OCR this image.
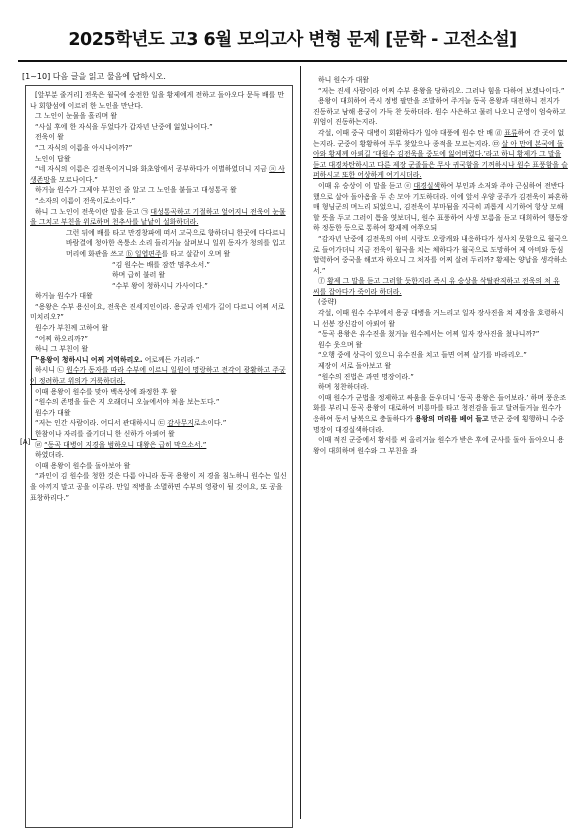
2025학년도 고3 6월 모의고사 변형 문제 [문학 - 고전소설]
[1~10] 다음 글을 읽고 물음에 답하시오.
[A]

[앞부분 줄거리] 전욱은 월국에 숭전한 일을 황제에게 전하고 돌아오다 문득 배를 만나 회향섬에 이르러 한 노인을 만난다.

그 노인이 눈물을 흘리며 왈

“사실 후에 한 자식을 두었다가 갑자년 난중에 잃었나이다.”

전욱이 왈

“그 자식의 이름을 아시나이까?”

노인이 답왈

“네 자식의 이름은 김전욱이거니와 화초암에서 공부하다가 이별하였더니 지금 ⓐ 사생존망을 모르나이다.”

하거늘 원수가 그제야 부친인 줄 알고 그 노인을 붙들고 대성통곡 왈

“소자의 이름이 전욱이로소이다.”

하니 그 노인이 전욱이란 말을 듣고 ㉠ 대성통곡하고 기절하고 엎어지니 전욱이 눈물을 그치고 부친을 위로하며 천추사를 낱낱이 설화하더라.

그런 뒤에 배를 타고 만경창파에 떠서 고국으로 향하더니 한곳에 다다르니 바람결에 청아한 옥퉁소 소리 들리거늘 살펴보니 일위 동자가 청의를 입고 머리에 화관을 쓰고 ⓑ 일엽편주를 타고 살같이 오며 왈

“김 원수는 배를 잠깐 멈추소서.”

하며 급히 불러 왈

“수부 왕이 청하시니 가사이다.”

하거늘 원수가 대왈

“용왕은 수부 용신이요, 전욱은 진세지인이라. 용궁과 인세가 길이 다르니 어찌 서로 미치리오?”

원수가 부친께 고하여 왈

“어찌 하오리까?”

하니 그 부친이 왈

“용왕이 청하시니 어찌 거역하리오. 어로께든 가리라.”

하시니 ㉡ 원수가 동자를 따라 수부에 이르니 일원이 명랑하고 전각이 광활하고 주궁이 정려하고 위의가 거룩하더라.

이때 용왕이 원수를 맞아 백옥상에 좌정한 후 왈

“원수의 존명을 들은 지 오래더니 오늘에서야 처음 보는도다.”

원수가 대왈

“저는 인간 사람이라. 어디서 관대하시니 ㉢ 감사무지로소이다.”

한참이나 자리를 즐기더니 한 신하가 아뢰어 왈

㉣ “동곡 대병이 지경을 범하오니 대왕은 급히 막으소서.”

하였더라.

이때 용왕이 원수를 돌아보아 왈

“과인이 김 원수를 청한 것은 다름 아니라 동곡 용왕이 저 경을 침노하니 원수는 일신을 아끼지 말고 공을 이루라. 만일 적병을 소멸하면 수부의 영광이 될 것이요, 또 공을 표창하리다.”

하니 원수가 대왈

“저는 진세 사람이라 어찌 수부 용왕을 당하리오. 그러나 힘을 다하여 보겠나이다.”

용왕이 대희하여 즉시 정병 팔만을 조발하여 주거늘 동곡 용왕과 대전하니 전지가 진동하고 남해 용궁이 가득 찬 듯하더라. 원수 사은하고 물러 나오니 군영이 엄숙하고 위엄이 진동하는지라.

각설, 이때 중국 대병이 회환하다가 일야 대풍에 원수 탄 배 ⓓ 표류하여 간 곳이 없는지라. 군중이 황황하여 두루 찾았으나 종적을 모르는지라. ㉤ 살 아 만에 본국에 돌아와 황제께 아뢰길 ‘대원수 김전욱을 중도에 잃어버렸다.’라고 하니 황제가 그 말을 듣고 대경차탄하시고 다른 제장 군졸들은 무사 귀국함을 기꺼하시나 원수 표풍함을 슬퍼하시고 또한 어상하게 여기시더라.

이때 유 승상이 이 말을 듣고 ⓔ 대경실색하여 부인과 소저와 주야 근심하여 전반다했으로 살아 돌아옴을 두 손 모아 기도하더라. 이에 앞서 우양 공주가 김전욱이 파혼하매 형님군의 며느리 되었으니, 김전욱이 부마됨을 지극히 괴롭게 시기하여 항상 모해할 뜻을 두고 그러이 틈을 엿보더니, 원수 표풍하여 사생 모름을 듣고 대희하여 행동장하 정동한 등으로 통하여 황제께 여쭈오되

“감자년 난중에 김전욱의 아비 시랑도 오랑캐와 내응하다가 성사치 못함으로 월국으로 들어가더니 지금 전욱이 월국을 치는 체하다가 월국으로 도망하여 제 아비와 동심합력하여 중국을 해코자 하오니 그 처자를 어찌 살려 두리까? 황제는 양납을 생각하소서.”

ⓕ 황제 그 말을 듣고 그러할 듯한지라 즉시 유 승상을 삭탈관직하고 전욱의 처 유 씨를 잡아다가 죽이라 하더라.

(중략)

각설, 이때 원수 수부에서 용궁 대병을 거느리고 일자 장사진을 쳐 제장을 호령하시니 선봉 장신감이 아뢰어 왈

“동곡 용왕은 유수진을 쳤거늘 원수께서는 어찌 일자 장사진을 쳤나니까?”

원수 웃으며 왈

“오행 중에 상극이 있으니 유수진을 치고 들면 어찌 살기를 바라리오.”

제장이 서로 돌아보고 왈

“원수의 진법은 과연 명장이라.”

하며 칭찬하더라.

이때 원수가 군법을 정제하고 싸움을 돋우더니 ‘동곡 용왕은 들어보라.’ 하며 풍운조화를 부리니 동곡 용왕이 대로하여 비룡마를 타고 청전검을 들고 달려들거늘 원수가 응하여 동서 남북으로 충돌하다가 용왕의 머리를 베어 들고 만군 중에 횡행하니 수중 명장이 대경실색하더라.

이때 적진 군중에서 황서를 써 올리거늘 원수가 받은 후에 군사를 돌아 돌아오니 용왕이 대희하며 원수와 그 부친을 좌
